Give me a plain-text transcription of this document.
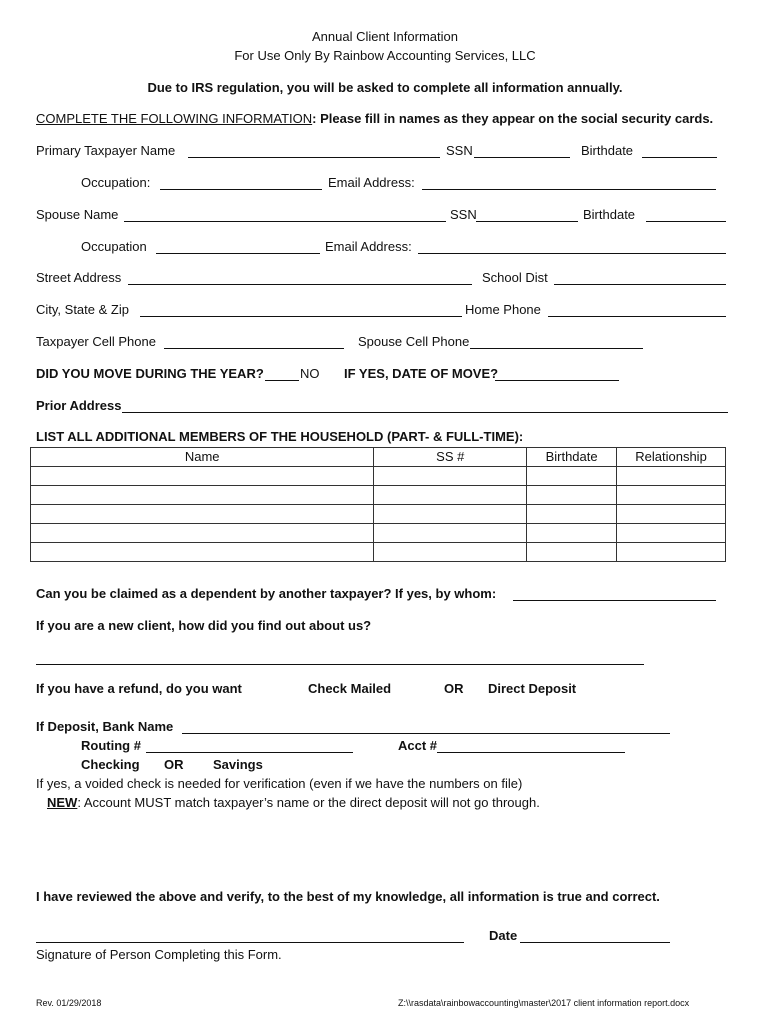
Annual Client Information
For Use Only By Rainbow Accounting Services, LLC
Due to IRS regulation, you will be asked to complete all information annually.
COMPLETE THE FOLLOWING INFORMATION: Please fill in names as they appear on the social security cards.
Primary Taxpayer Name	SSN	Birthdate
Occupation:	Email Address:
Spouse Name	SSN	Birthdate
Occupation	Email Address:
Street Address	School Dist
City, State & Zip	Home Phone
Taxpayer Cell Phone	Spouse Cell Phone
DID YOU MOVE DURING THE YEAR?	NO IF YES, DATE OF MOVE?
Prior Address
LIST ALL ADDITIONAL MEMBERS OF THE HOUSEHOLD (PART- & FULL-TIME):
Name	SS #	Birthdate	Relationship

Can you be claimed as a dependent by another taxpayer? If yes, by whom:
If you are a new client, how did you find out about us?
If you have a refund, do you want	Check Mailed	OR Direct Deposit
If Deposit, Bank Name
Routing #	Acct #
Checking OR Savings
If yes, a voided check is needed for verification (even if we have the numbers on file)
NEW: Account MUST match taxpayer’s name or the direct deposit will not go through.
I have reviewed the above and verify, to the best of my knowledge, all information is true and correct.
Date
Signature of Person Completing this Form.
Rev. 01/29/2018	Z:\\rasdata\rainbowaccounting\master\2017 client information report.docx
